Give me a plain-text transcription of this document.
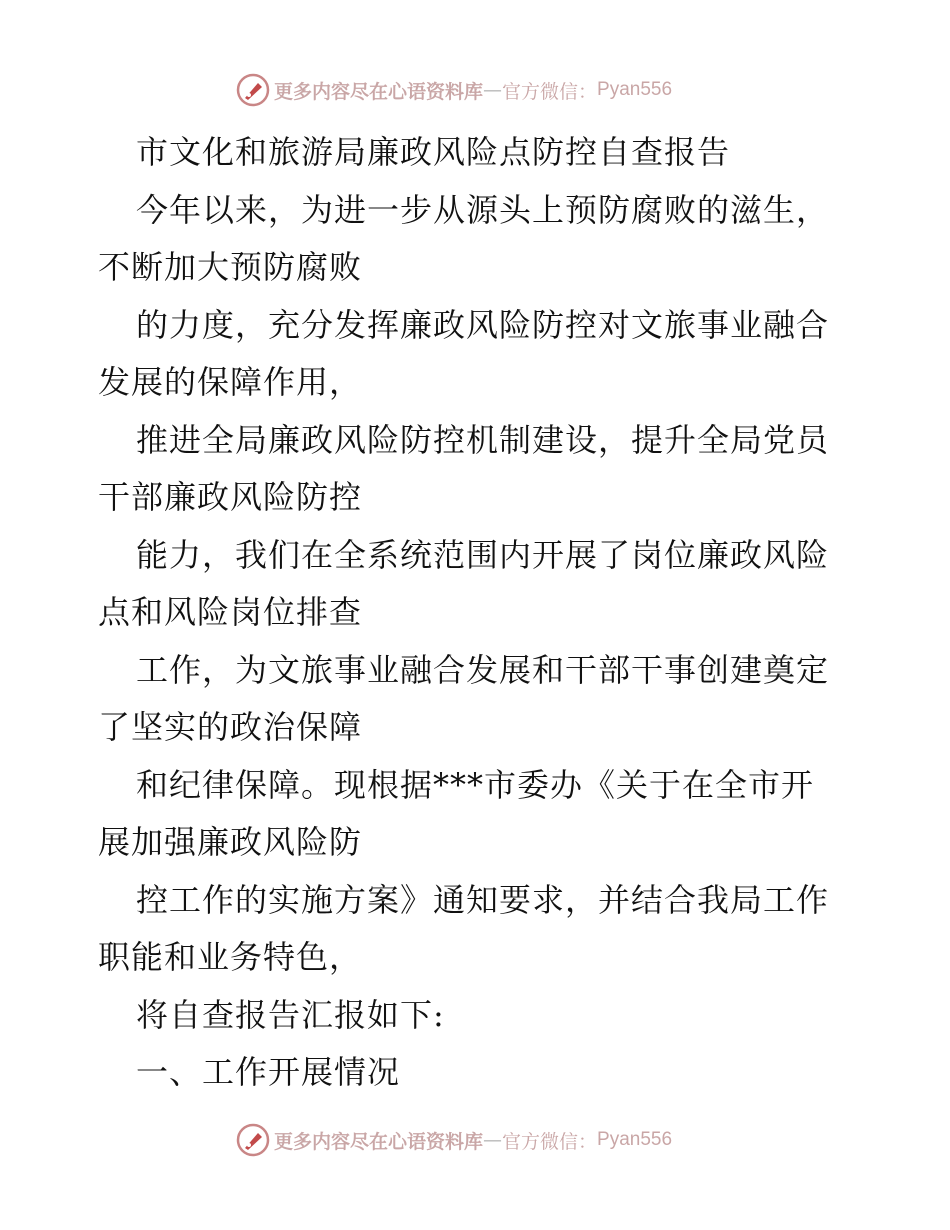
更多内容尽在心语资料库 — 官方微信： Pyan556
市文化和旅游局廉政风险点防控自查报告
今年以来，为进一步从源头上预防腐败的滋生，
不断加大预防腐败
的力度，充分发挥廉政风险防控对文旅事业融合
发展的保障作用，
推进全局廉政风险防控机制建设，提升全局党员
干部廉政风险防控
能力，我们在全系统范围内开展了岗位廉政风险
点和风险岗位排查
工作，为文旅事业融合发展和干部干事创建奠定
了坚实的政治保障
和纪律保障。现根据***市委办《关于在全市开
展加强廉政风险防
控工作的实施方案》通知要求，并结合我局工作
职能和业务特色，
将自查报告汇报如下:
一、工作开展情况
更多内容尽在心语资料库 — 官方微信： Pyan556
